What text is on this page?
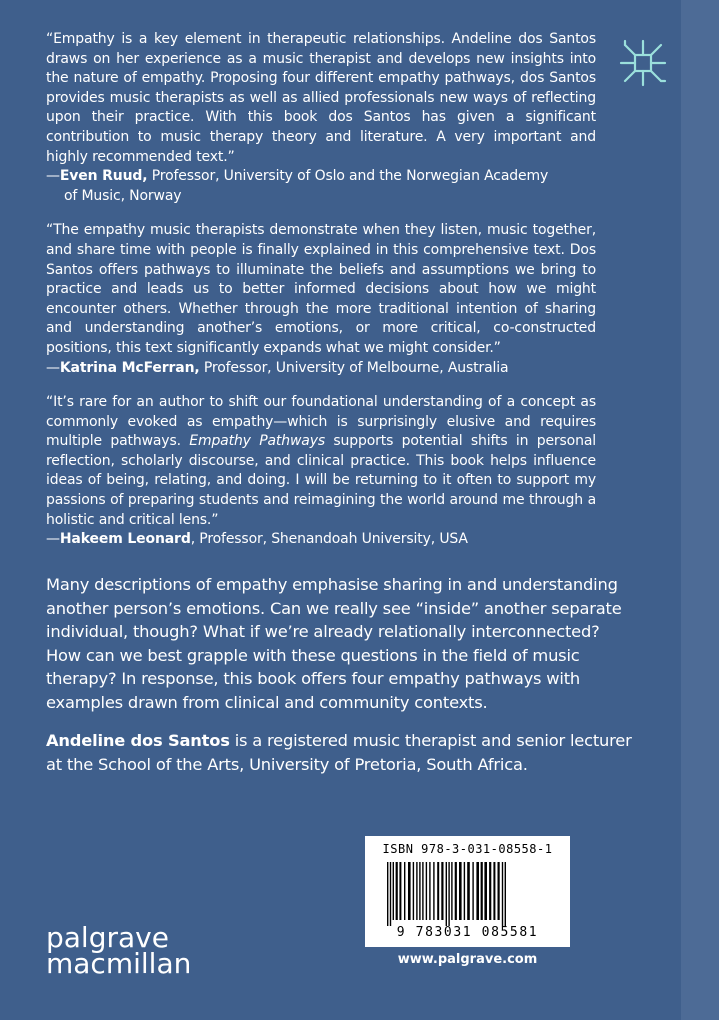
“Empathy is a key element in therapeutic relationships. Andeline dos Santos draws on her experience as a music therapist and develops new insights into the nature of empathy. Proposing four different empathy pathways, dos Santos provides music therapists as well as allied professionals new ways of reflecting upon their practice. With this book dos Santos has given a significant contribution to music therapy theory and literature. A very important and highly recommended text.”

—Even Ruud, Professor, University of Oslo and the Norwegian Academy
of Music, Norway

“The empathy music therapists demonstrate when they listen, music together, and share time with people is finally explained in this comprehensive text. Dos Santos offers pathways to illuminate the beliefs and assumptions we bring to practice and leads us to better informed decisions about how we might encounter others. Whether through the more traditional intention of sharing and understanding another’s emotions, or more critical, co-constructed positions, this text significantly expands what we might consider.”

—Katrina McFerran, Professor, University of Melbourne, Australia

“It’s rare for an author to shift our foundational understanding of a concept as commonly evoked as empathy—which is surprisingly elusive and requires multiple pathways. Empathy Pathways supports potential shifts in personal reflection, scholarly discourse, and clinical practice. This book helps influence ideas of being, relating, and doing. I will be returning to it often to support my passions of preparing students and reimagining the world around me through a holistic and critical lens.”

—Hakeem Leonard, Professor, Shenandoah University, USA

Many descriptions of empathy emphasise sharing in and understanding another person’s emotions. Can we really see “inside” another separate individual, though? What if we’re already relationally interconnected? How can we best grapple with these questions in the field of music therapy? In response, this book offers four empathy pathways with examples drawn from clinical and community contexts.

Andeline dos Santos is a registered music therapist and senior lecturer at the School of the Arts, University of Pretoria, South Africa.

ISBN 978-3-031-08558-1
9 783031 085581
www.palgrave.com
palgrave
macmillan
